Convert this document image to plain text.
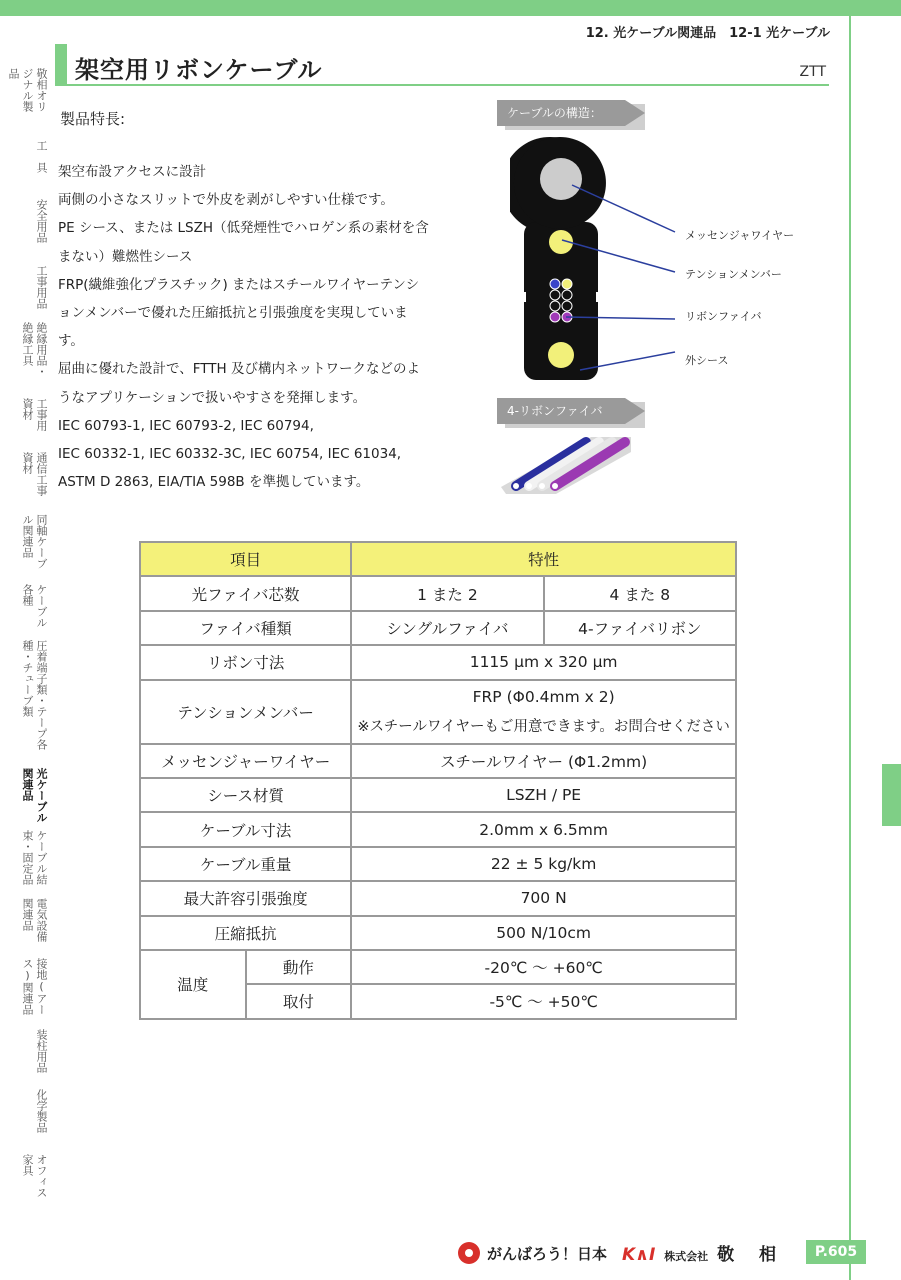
12. 光ケーブル関連品　12-1 光ケーブル
架空用リボンケーブル	ZTT
製品特長:
架空布設アクセスに設計
両側の小さなスリットで外皮を剥がしやすい仕様です。
PE シース、または LSZH（低発煙性でハロゲン系の素材を含
まない）難燃性シース
FRP(繊維強化プラスチック) またはスチールワイヤーテンシ
ョンメンバーで優れた圧縮抵抗と引張強度を実現していま
す。
屈曲に優れた設計で、FTTH 及び構内ネットワークなどのよ
うなアプリケーションで扱いやすさを発揮します。
IEC 60793-1, IEC 60793-2, IEC 60794,
IEC 60332-1, IEC 60332-3C, IEC 60754, IEC 61034,
ASTM D 2863, EIA/TIA 598B を準拠しています。
ケーブルの構造：
メッセンジャワイヤー
テンションメンバー
リボンファイバ
外シース
4-リボンファイバ
項目		特性	
光ファイバ芯数		1 また 2	4 また 8
ファイバ種類		シングルファイバ	4-ファイバリボン
リボン寸法		1115 μm x 320 μm	
テンションメンバー		FRP (Φ0.4mm x 2)
※スチールワイヤーもご用意できます。お問合せください	

メッセンジャーワイヤー		スチールワイヤー (Φ1.2mm)	
シース材質		LSZH / PE	
ケーブル寸法		2.0mm x 6.5mm	
ケーブル重量		22 ± 5 kg/km	
最大許容引張強度		700 N	
圧縮抵抗		500 N/10cm	
温度	動作	-20℃ ～ +60℃	
	取付	-5℃ ～ +50℃	
敬相オリジナル製品
工　具
安全用品
工事用品
絶縁用品・絶縁工具
工事用資材
通信工事資材
同軸ケーブル関連品
ケーブル各種
圧着端子類・テープ各種・チューブ類
光ケーブル関連品
ケーブル結束・固定品
電気設備関連品
接地(アース)関連品
装柱用品
化学製品
オフィス家具
がんばろう！日本 K∧I 株式会社 敬　相	P.605
